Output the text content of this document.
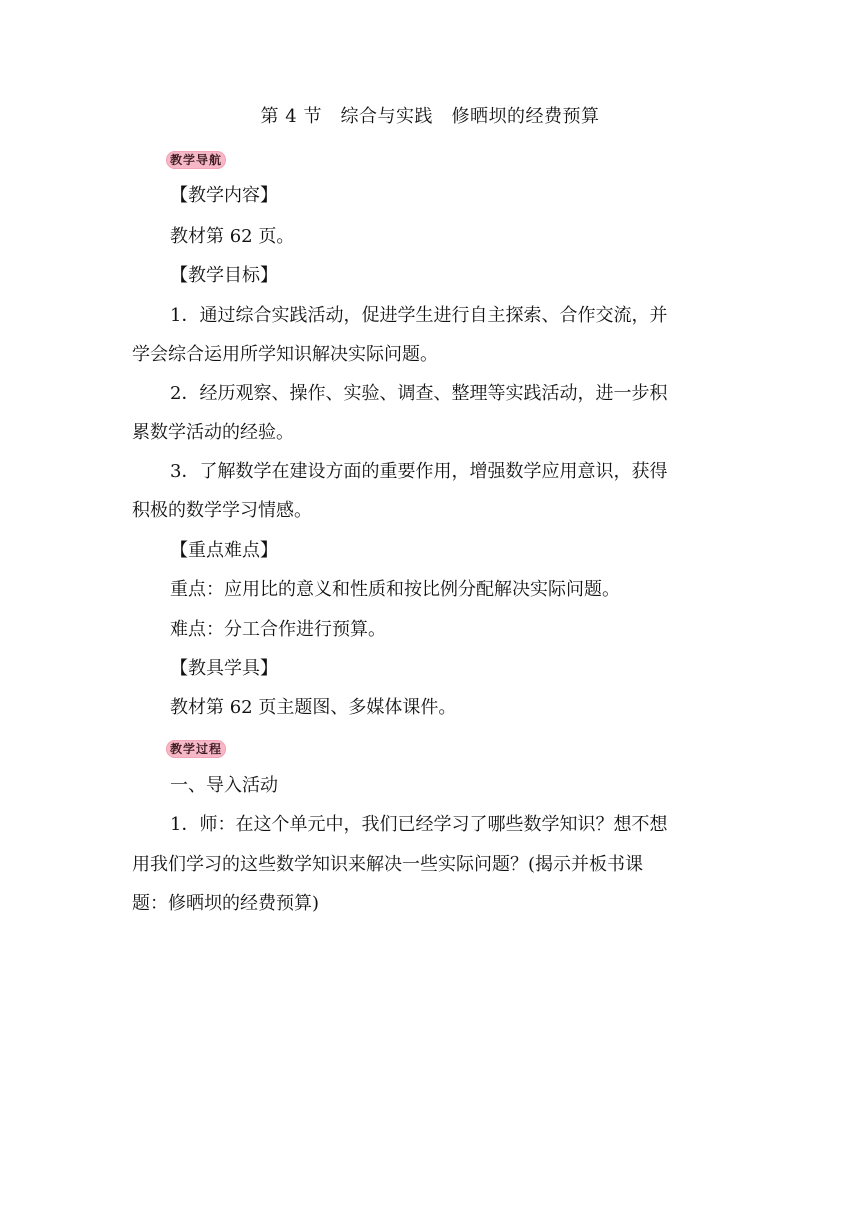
第 4 节　综合与实践　修晒坝的经费预算
教学导航
【教学内容】
教材第 62 页。
【教学目标】
1．通过综合实践活动，促进学生进行自主探索、合作交流，并
学会综合运用所学知识解决实际问题。
2．经历观察、操作、实验、调查、整理等实践活动，进一步积
累数学活动的经验。
3．了解数学在建设方面的重要作用，增强数学应用意识，获得
积极的数学学习情感。
【重点难点】
重点：应用比的意义和性质和按比例分配解决实际问题。
难点：分工合作进行预算。
【教具学具】
教材第 62 页主题图、多媒体课件。
教学过程
一、导入活动
1．师：在这个单元中，我们已经学习了哪些数学知识？想不想
用我们学习的这些数学知识来解决一些实际问题？(揭示并板书课
题：修晒坝的经费预算)
